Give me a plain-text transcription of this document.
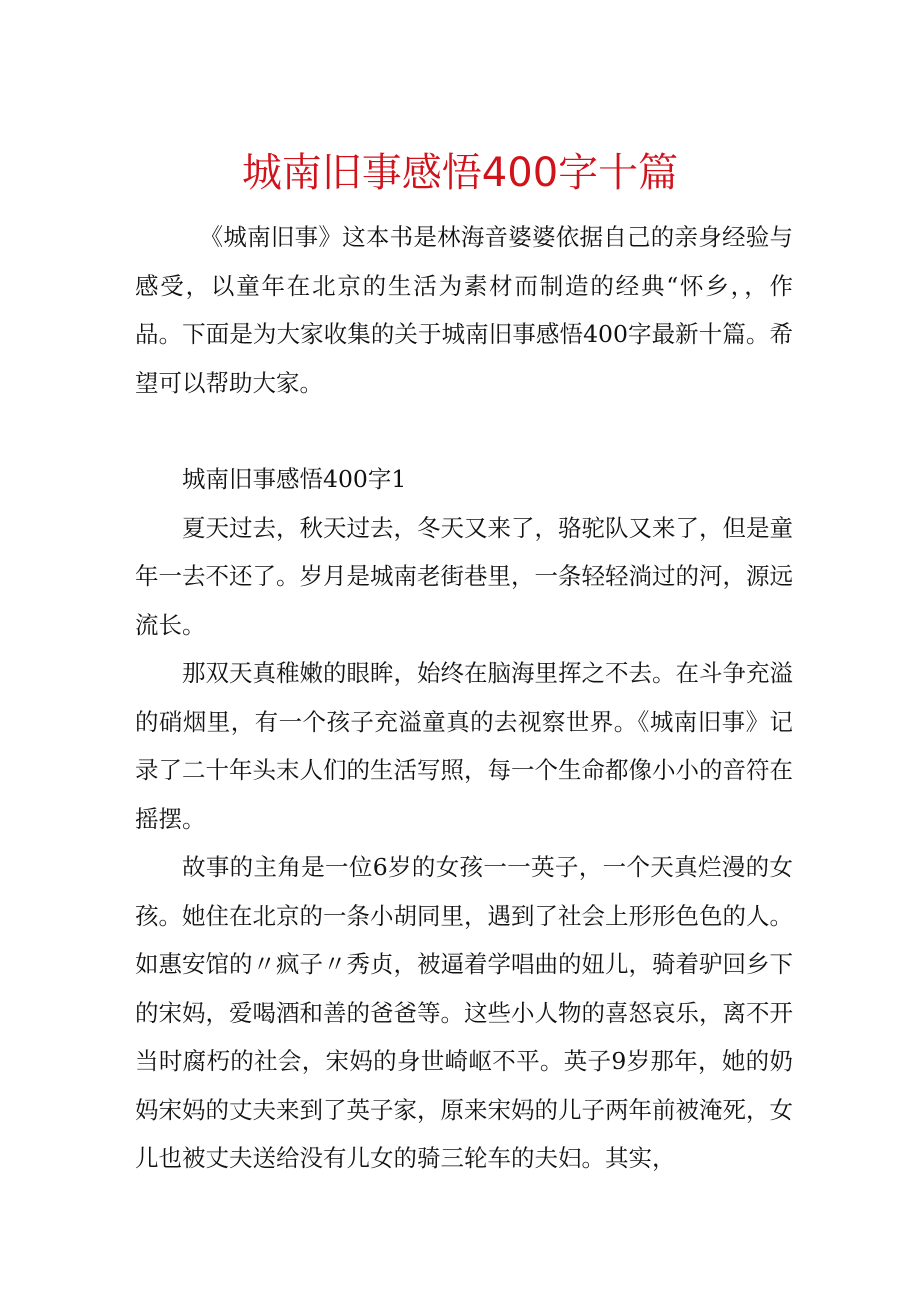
城南旧事感悟400字十篇

《城南旧事》这本书是林海音婆婆依据自己的亲身经验与感受，以童年在北京的生活为素材而制造的经典“怀乡，，作品。下面是为大家收集的关于城南旧事感悟400字最新十篇。希望可以帮助大家。

城南旧事感悟400字1

夏天过去，秋天过去，冬天又来了，骆驼队又来了，但是童年一去不还了。岁月是城南老街巷里，一条轻轻淌过的河，源远流长。

那双天真稚嫩的眼眸，始终在脑海里挥之不去。在斗争充溢的硝烟里，有一个孩子充溢童真的去视察世界。《城南旧事》记录了二十年头末人们的生活写照，每一个生命都像小小的音符在摇摆。

故事的主角是一位6岁的女孩一一英子，一个天真烂漫的女孩。她住在北京的一条小胡同里，遇到了社会上形形色色的人。如惠安馆的〃疯子〃秀贞，被逼着学唱曲的妞儿，骑着驴回乡下的宋妈，爱喝酒和善的爸爸等。这些小人物的喜怒哀乐，离不开当时腐朽的社会，宋妈的身世崎岖不平。英子9岁那年，她的奶妈宋妈的丈夫来到了英子家，原来宋妈的儿子两年前被淹死，女儿也被丈夫送给没有儿女的骑三轮车的夫妇。其实，
